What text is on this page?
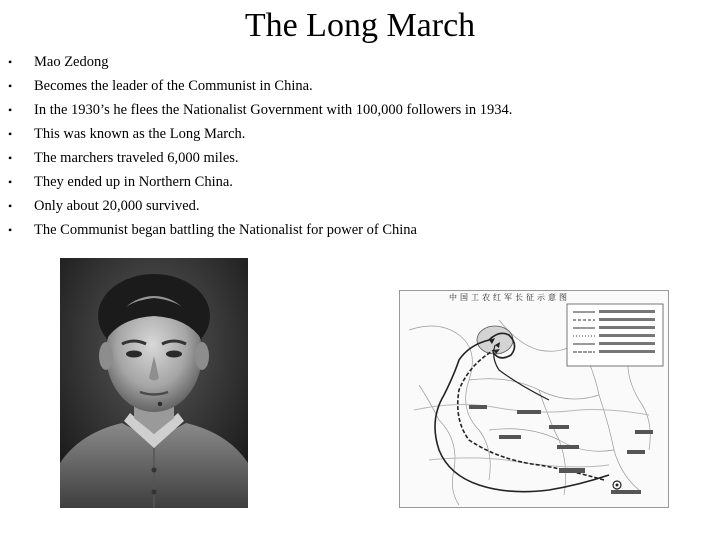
The Long March
• Mao Zedong
• Becomes the leader of the Communist in China.
• In the 1930’s he flees the Nationalist Government with 100,000 followers in 1934.
• This was known as the Long March.
• The marchers traveled 6,000 miles.
• They ended up in Northern China.
• Only about 20,000 survived.
• The Communist began battling the Nationalist for power of China
中国工农红军长征示意图
